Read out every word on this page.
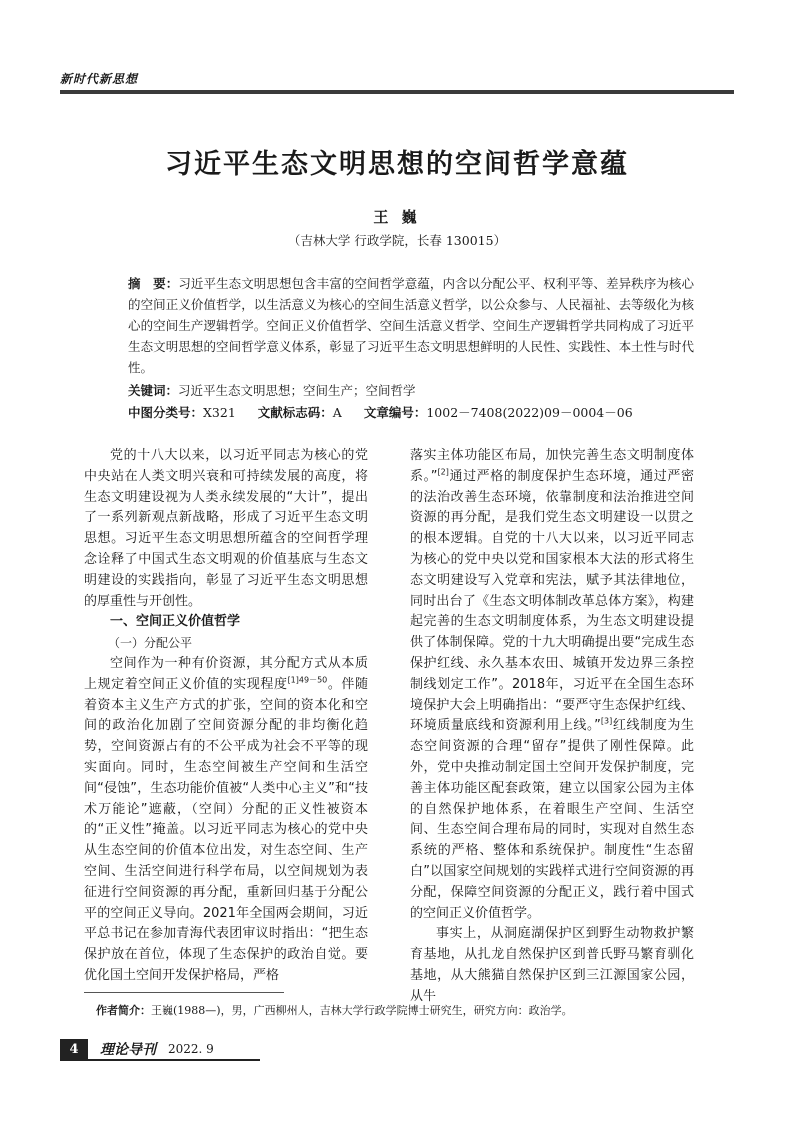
新时代新思想
习近平生态文明思想的空间哲学意蕴
王 巍
（吉林大学 行政学院，长春 130015）
摘　要：习近平生态文明思想包含丰富的空间哲学意蕴，内含以分配公平、权利平等、差异秩序为核心的空间正义价值哲学，以生活意义为核心的空间生活意义哲学，以公众参与、人民福祉、去等级化为核心的空间生产逻辑哲学。空间正义价值哲学、空间生活意义哲学、空间生产逻辑哲学共同构成了习近平生态文明思想的空间哲学意义体系，彰显了习近平生态文明思想鲜明的人民性、实践性、本土性与时代性。
关键词：习近平生态文明思想；空间生产；空间哲学
中图分类号：X321 文献标志码：A 文章编号：1002－7408(2022)09－0004－06

党的十八大以来，以习近平同志为核心的党中央站在人类文明兴衰和可持续发展的高度，将生态文明建设视为人类永续发展的“大计”，提出了一系列新观点新战略，形成了习近平生态文明思想。习近平生态文明思想所蕴含的空间哲学理念诠释了中国式生态文明观的价值基底与生态文明建设的实践指向，彰显了习近平生态文明思想的厚重性与开创性。

一、空间正义价值哲学
（一）分配公平

空间作为一种有价资源，其分配方式从本质上规定着空间正义价值的实现程度$^{[1]49-50}$。伴随着资本主义生产方式的扩张，空间的资本化和空间的政治化加剧了空间资源分配的非均衡化趋势，空间资源占有的不公平成为社会不平等的现实面向。同时，生态空间被生产空间和生活空间“侵蚀”，生态功能价值被“人类中心主义”和“技术万能论”遮蔽，（空间）分配的正义性被资本的“正义性”掩盖。以习近平同志为核心的党中央从生态空间的价值本位出发，对生态空间、生产空间、生活空间进行科学布局，以空间规划为表征进行空间资源的再分配，重新回归基于分配公平的空间正义导向。2021年全国两会期间，习近平总书记在参加青海代表团审议时指出：“把生态保护放在首位，体现了生态保护的政治自觉。要优化国土空间开发保护格局，严格

落实主体功能区布局，加快完善生态文明制度体系。”[2]通过严格的制度保护生态环境，通过严密的法治改善生态环境，依靠制度和法治推进空间资源的再分配，是我们党生态文明建设一以贯之的根本逻辑。自党的十八大以来，以习近平同志为核心的党中央以党和国家根本大法的形式将生态文明建设写入党章和宪法，赋予其法律地位，同时出台了《生态文明体制改革总体方案》，构建起完善的生态文明制度体系，为生态文明建设提供了体制保障。党的十九大明确提出要“完成生态保护红线、永久基本农田、城镇开发边界三条控制线划定工作”。2018年，习近平在全国生态环境保护大会上明确指出：“要严守生态保护红线、环境质量底线和资源利用上线。”[3]红线制度为生态空间资源的合理“留存”提供了刚性保障。此外，党中央推动制定国土空间开发保护制度，完善主体功能区配套政策，建立以国家公园为主体的自然保护地体系，在着眼生产空间、生活空间、生态空间合理布局的同时，实现对自然生态系统的严格、整体和系统保护。制度性“生态留白”以国家空间规划的实践样式进行空间资源的再分配，保障空间资源的分配正义，践行着中国式的空间正义价值哲学。

事实上，从洞庭湖保护区到野生动物救护繁育基地，从扎龙自然保护区到普氏野马繁育驯化基地，从大熊猫自然保护区到三江源国家公园，从牛

作者简介：王巍(1988—)，男，广西柳州人，吉林大学行政学院博士研究生，研究方向：政治学。
4	理论导刊 2022. 9
